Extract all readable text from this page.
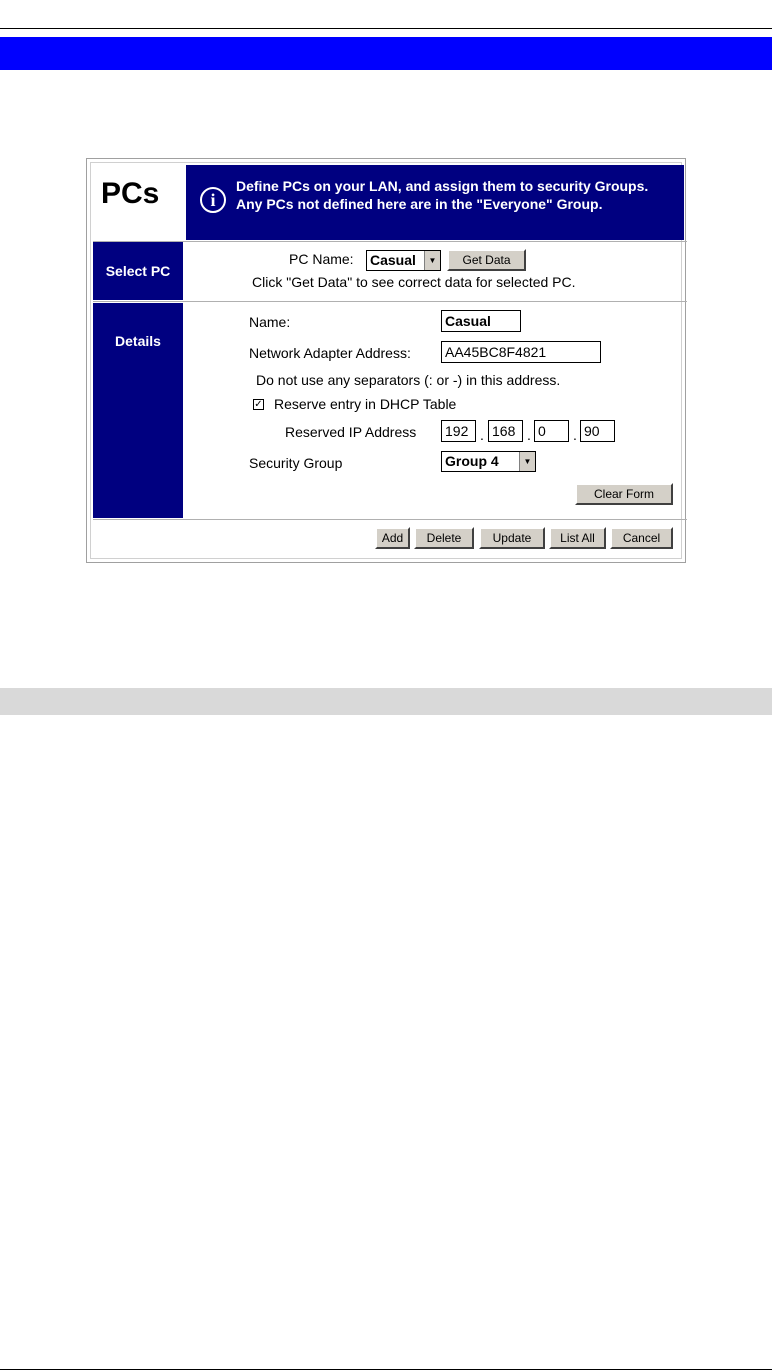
PCs	i
Define PCs on your LAN, and assign them to security Groups. Any PCs not defined here are in the "Everyone" Group.
Select PC
PC Name: Casual	▼	Get Data
Click "Get Data" to see correct data for selected PC.
Details
Name:	Casual
Network Adapter Address: AA45BC8F4821
Do not use any separators (: or -) in this address.
✓ Reserve entry in DHCP Table
Reserved IP Address 192 . 168 . 0	. 90
Security Group	Group 4	▼
Clear Form
Add	Delete	Update	List All	Cancel
